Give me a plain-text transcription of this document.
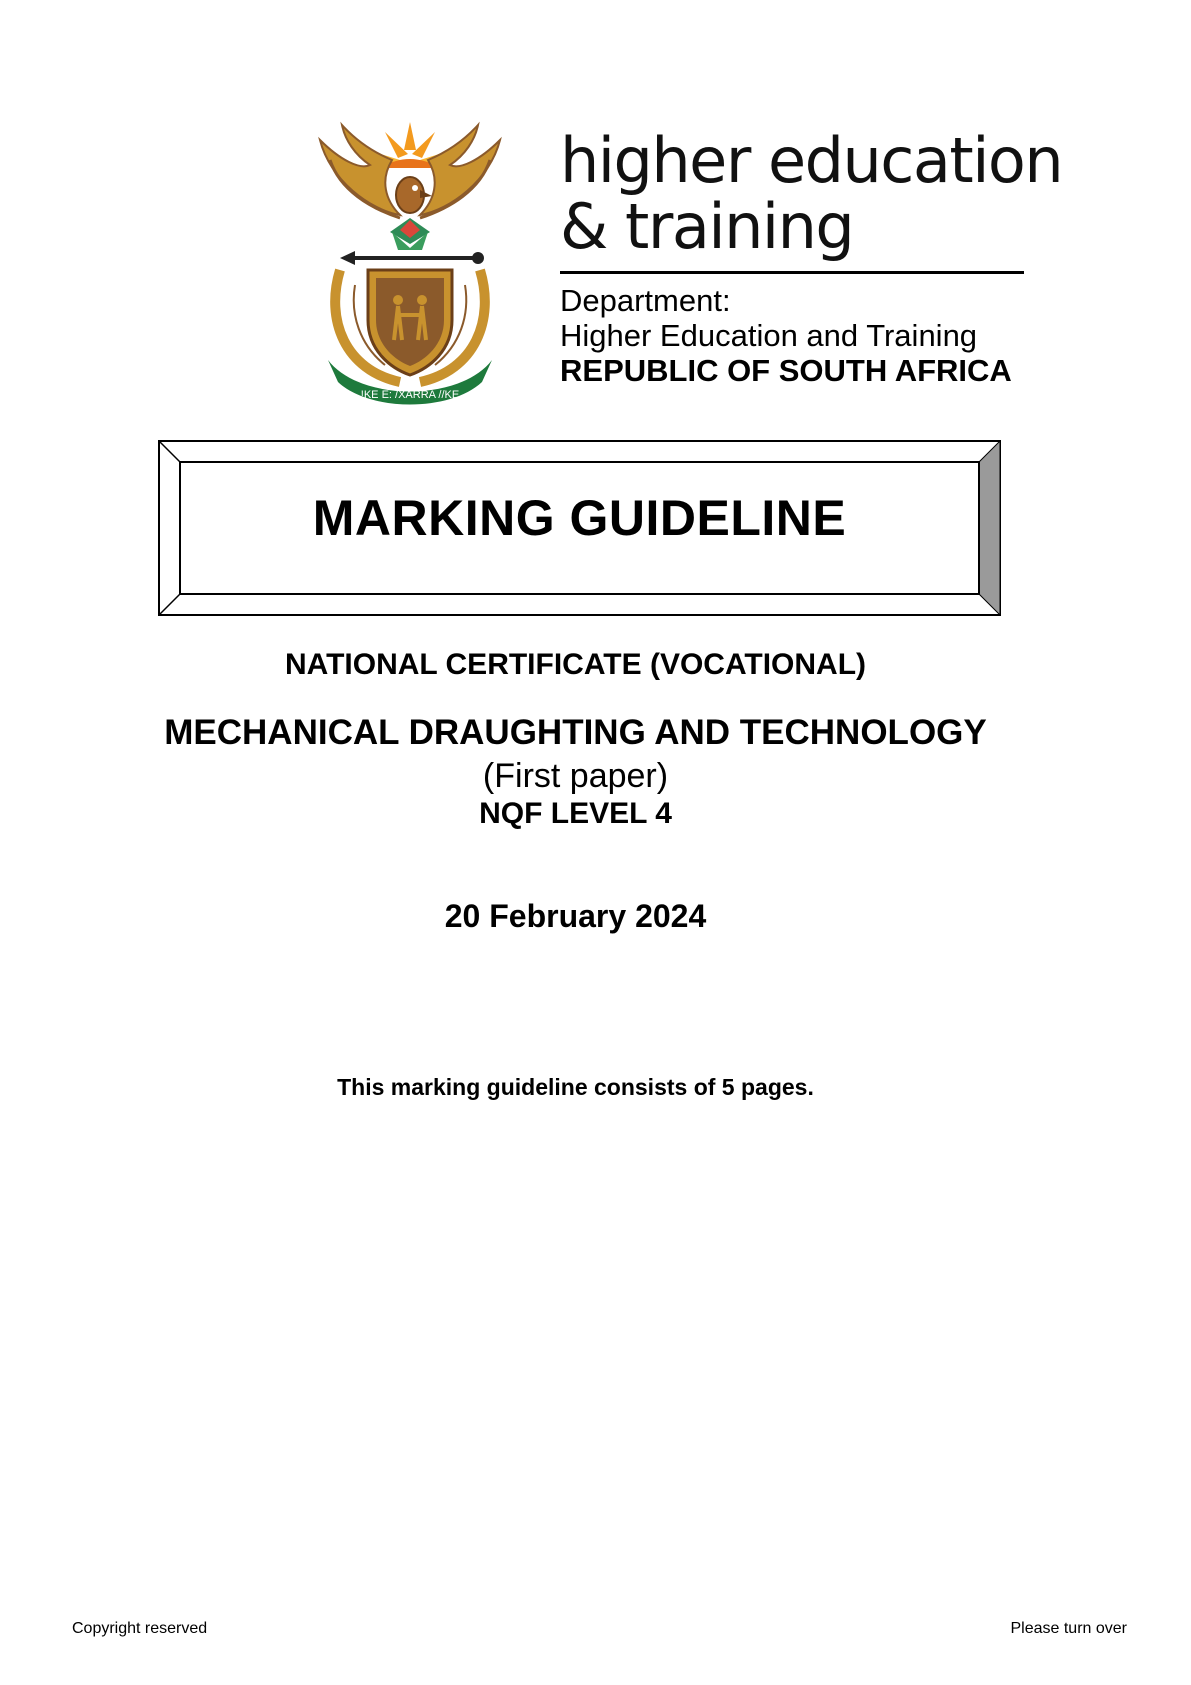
!KE E: /XARRA //KE
higher education
& training
Department:
Higher Education and Training
REPUBLIC OF SOUTH AFRICA
MARKING GUIDELINE
NATIONAL CERTIFICATE (VOCATIONAL)
MECHANICAL DRAUGHTING AND TECHNOLOGY
(First paper)
NQF LEVEL 4
20 February 2024
This marking guideline consists of 5 pages.
Copyright reserved	Please turn over
